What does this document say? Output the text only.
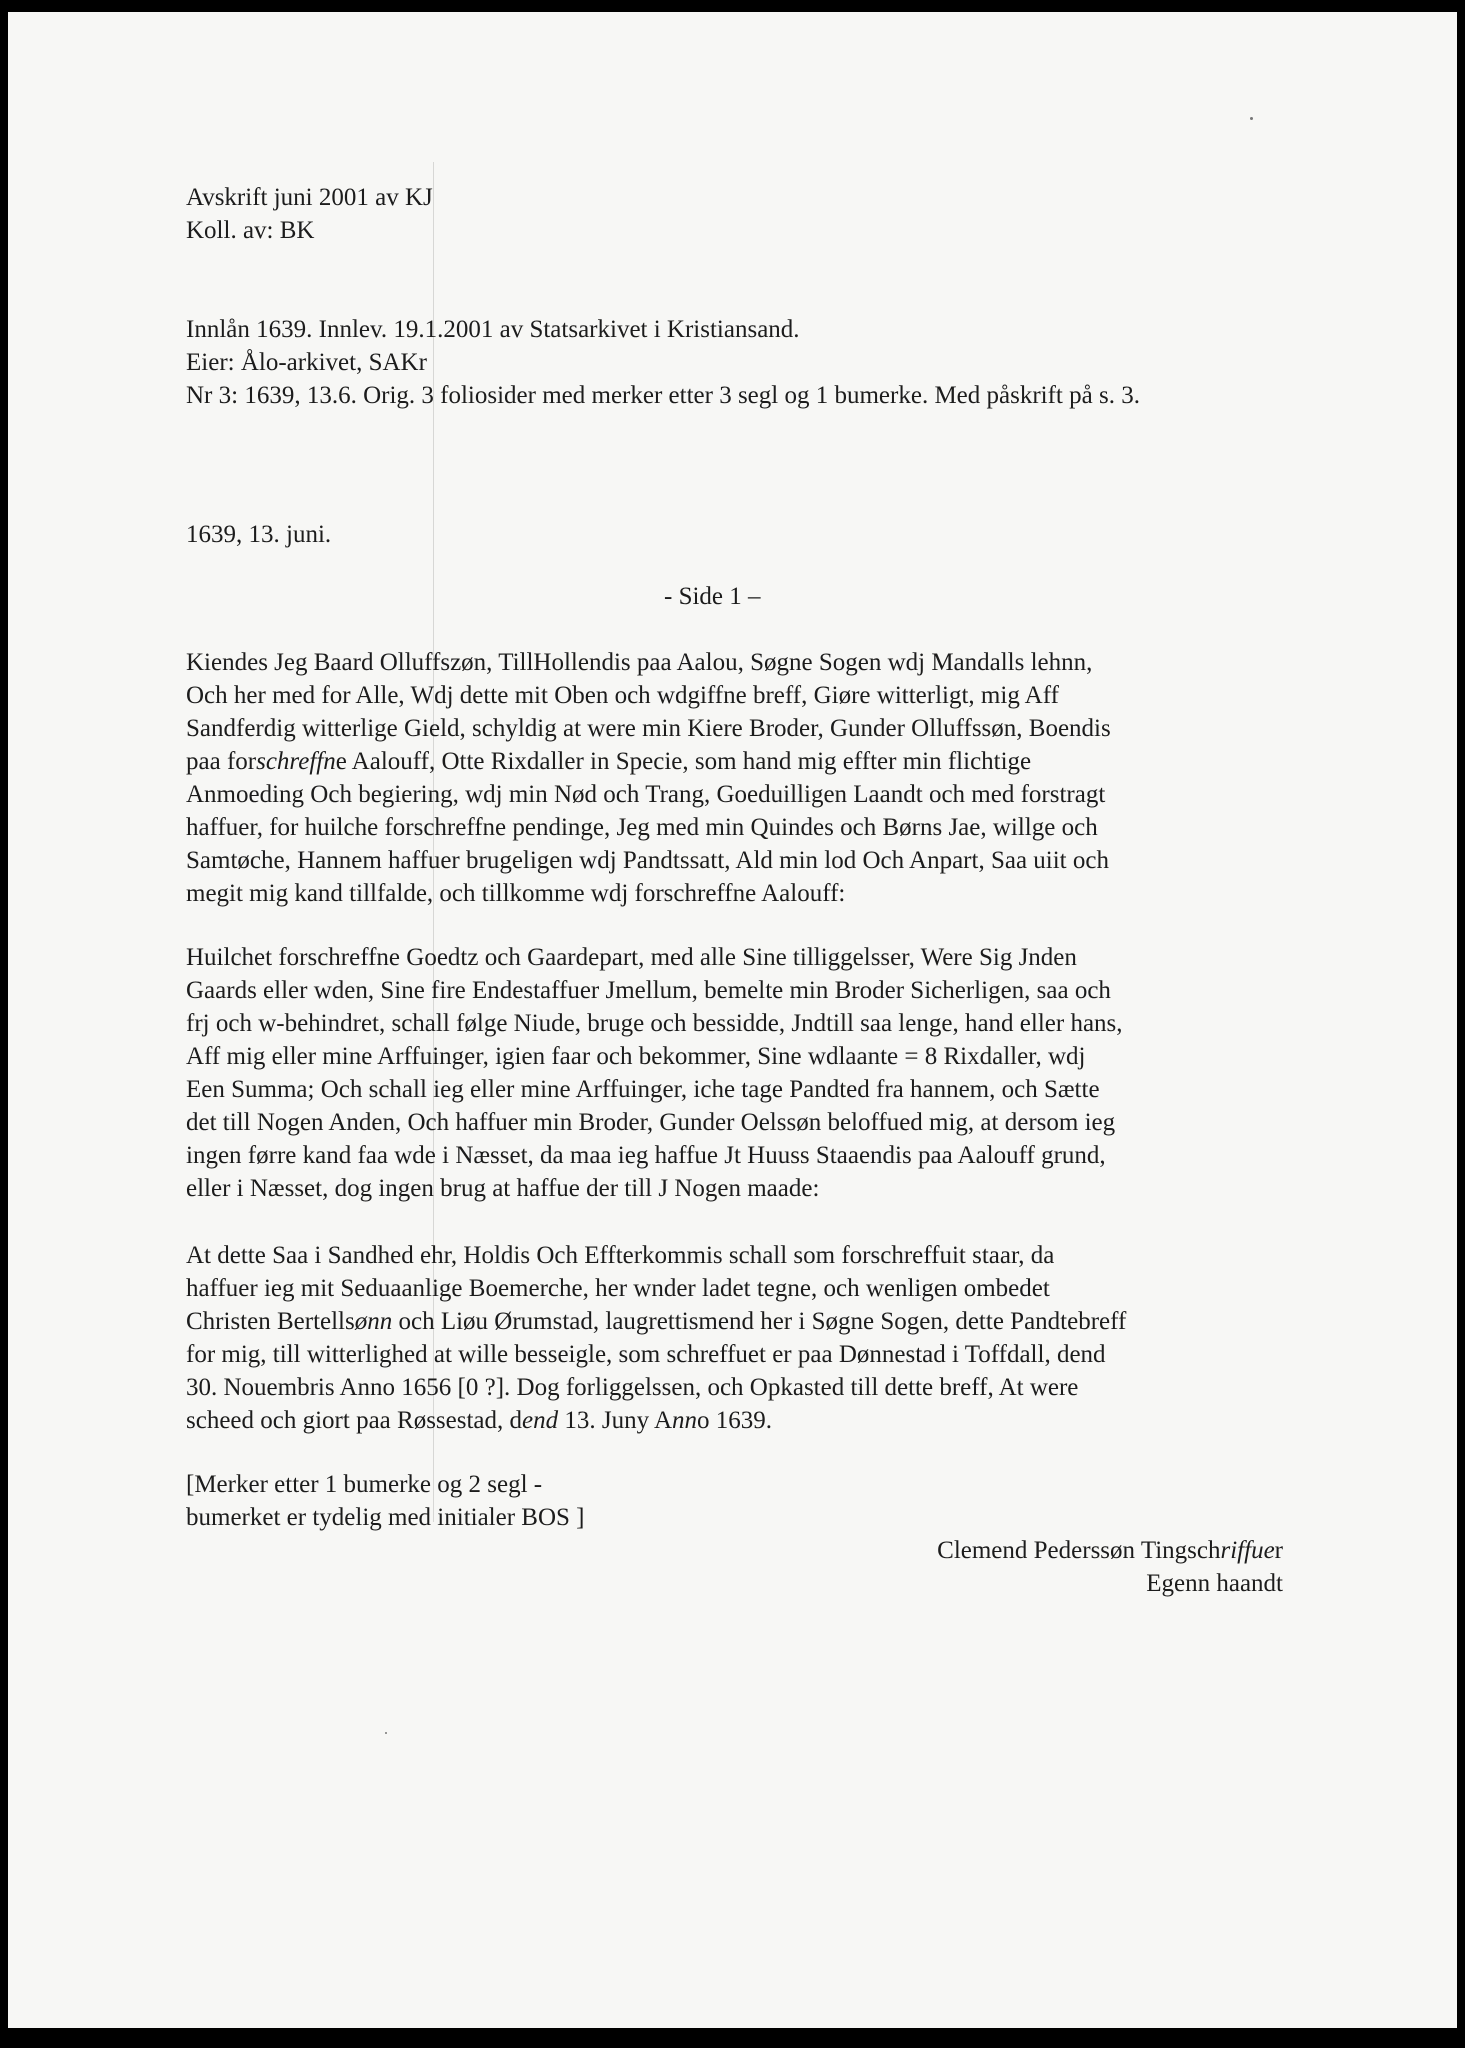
Avskrift juni 2001 av KJ

Koll. av: BK

Innlån 1639. Innlev. 19.1.2001 av Statsarkivet i Kristiansand.

Eier: Ålo-arkivet, SAKr

Nr 3: 1639, 13.6. Orig. 3 foliosider med merker etter 3 segl og 1 bumerke. Med påskrift på s. 3.

1639, 13. juni.
- Side 1 –

Kiendes Jeg Baard Olluffszøn, TillHollendis paa Aalou, Søgne Sogen wdj Mandalls lehnn,

Och her med for Alle, Wdj dette mit Oben och wdgiffne breff, Giøre witterligt, mig Aff

Sandferdig witterlige Gield, schyldig at were min Kiere Broder, Gunder Olluffssøn, Boendis

paa forschreffne Aalouff, Otte Rixdaller in Specie, som hand mig effter min flichtige

Anmoeding Och begiering, wdj min Nød och Trang, Goeduilligen Laandt och med forstragt

haffuer, for huilche forschreffne pendinge, Jeg med min Quindes och Børns Jae, willge och

Samtøche, Hannem haffuer brugeligen wdj Pandtssatt, Ald min lod Och Anpart, Saa uiit och

megit mig kand tillfalde, och tillkomme wdj forschreffne Aalouff:

Huilchet forschreffne Goedtz och Gaardepart, med alle Sine tilliggelsser, Were Sig Jnden

Gaards eller wden, Sine fire Endestaffuer Jmellum, bemelte min Broder Sicherligen, saa och

frj och w-behindret, schall følge Niude, bruge och bessidde, Jndtill saa lenge, hand eller hans,

Aff mig eller mine Arffuinger, igien faar och bekommer, Sine wdlaante = 8 Rixdaller, wdj

Een Summa; Och schall ieg eller mine Arffuinger, iche tage Pandted fra hannem, och Sætte

det till Nogen Anden, Och haffuer min Broder, Gunder Oelssøn beloffued mig, at dersom ieg

ingen førre kand faa wde i Næsset, da maa ieg haffue Jt Huuss Staaendis paa Aalouff grund,

eller i Næsset, dog ingen brug at haffue der till J Nogen maade:

At dette Saa i Sandhed ehr, Holdis Och Effterkommis schall som forschreffuit staar, da

haffuer ieg mit Seduaanlige Boemerche, her wnder ladet tegne, och wenligen ombedet

Christen Bertellsønn och Liøu Ørumstad, laugrettismend her i Søgne Sogen, dette Pandtebreff

for mig, till witterlighed at wille besseigle, som schreffuet er paa Dønnestad i Toffdall, dend

30. Nouembris Anno 1656 [0 ?]. Dog forliggelssen, och Opkasted till dette breff, At were

scheed och giort paa Røssestad, dend 13. Juny Anno 1639.

[Merker etter 1 bumerke og 2 segl -

bumerket er tydelig med initialer BOS ]

Clemend Pederssøn Tingschriffuer

Egenn haandt
